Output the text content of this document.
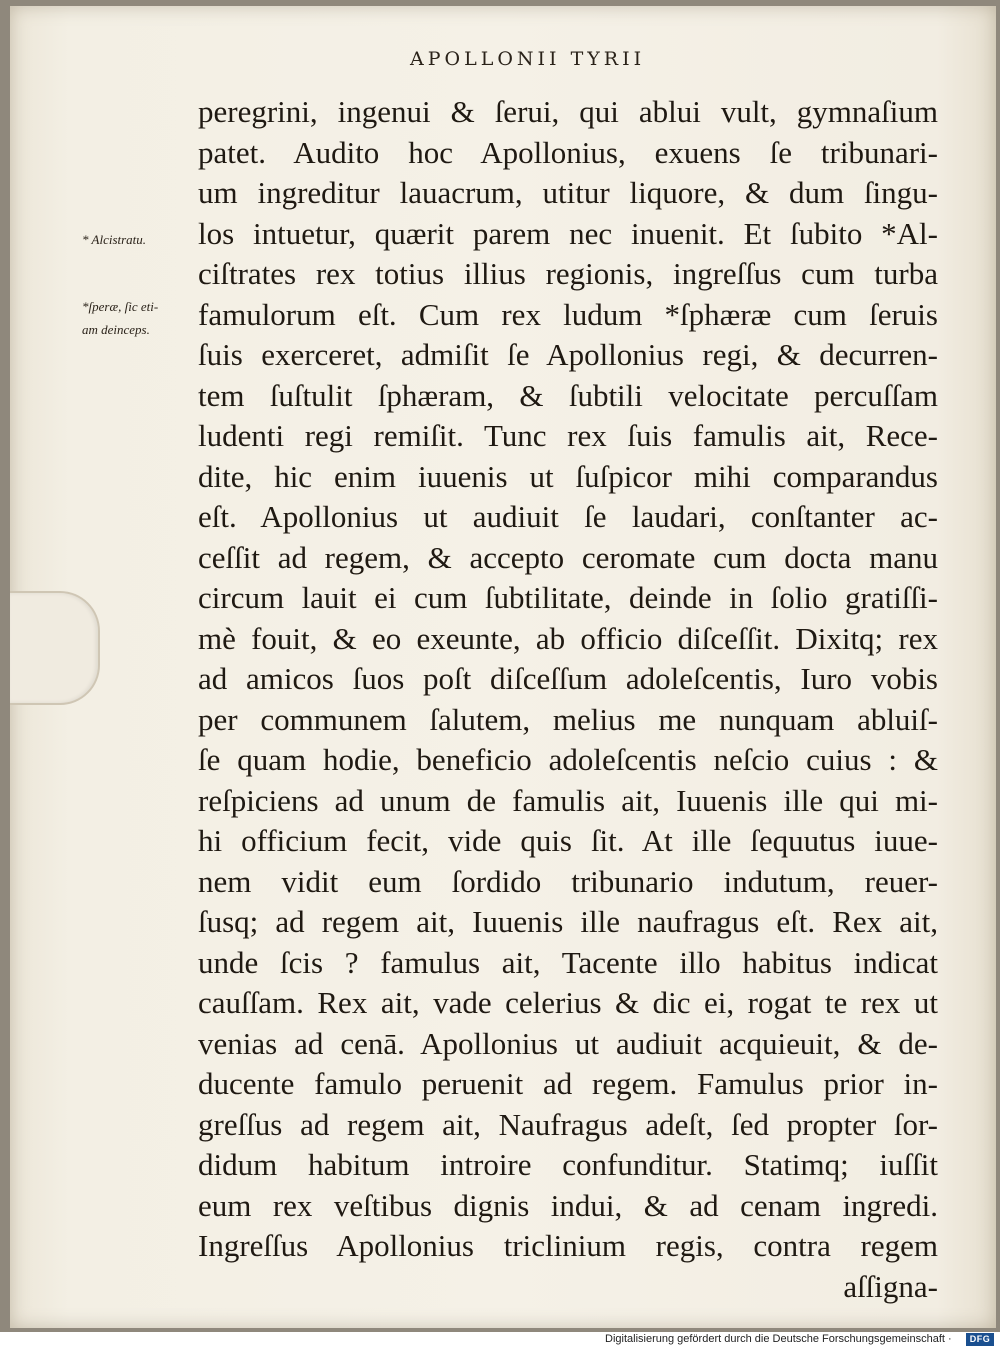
APOLLONII TYRII
* Alcistratu.
*ſperæ, ſic eti-
am deinceps.
peregrini, ingenui & ſerui, qui ablui vult, gymnaſium
patet. Audito hoc Apollonius, exuens ſe tribunari-
um ingreditur lauacrum, utitur liquore, & dum ſingu-
los intuetur, quærit parem nec inuenit. Et ſubito *Al-
ciſtrates rex totius illius regionis, ingreſſus cum turba
famulorum eſt. Cum rex ludum *ſphæræ cum ſeruis
ſuis exerceret, admiſit ſe Apollonius regi, & decurren-
tem ſuſtulit ſphæram, & ſubtili velocitate percuſſam
ludenti regi remiſit. Tunc rex ſuis famulis ait, Rece-
dite, hic enim iuuenis ut ſuſpicor mihi comparandus
eſt. Apollonius ut audiuit ſe laudari, conſtanter ac-
ceſſit ad regem, & accepto ceromate cum docta manu
circum lauit ei cum ſubtilitate, deinde in ſolio gratiſſi-
mè fouit, & eo exeunte, ab officio diſceſſit. Dixitq; rex
ad amicos ſuos poſt diſceſſum adoleſcentis, Iuro vobis
per communem ſalutem, melius me nunquam abluiſ-
ſe quam hodie, beneficio adoleſcentis neſcio cuius : &
reſpiciens ad unum de famulis ait, Iuuenis ille qui mi-
hi officium fecit, vide quis ſit. At ille ſequutus iuue-
nem vidit eum ſordido tribunario indutum, reuer-
ſusq; ad regem ait, Iuuenis ille naufragus eſt. Rex ait,
unde ſcis ? famulus ait, Tacente illo habitus indicat
cauſſam. Rex ait, vade celerius & dic ei, rogat te rex ut
venias ad cenā. Apollonius ut audiuit acquieuit, & de-
ducente famulo peruenit ad regem. Famulus prior in-
greſſus ad regem ait, Naufragus adeſt, ſed propter ſor-
didum habitum introire confunditur. Statimq; iuſſit
eum rex veſtibus dignis indui, & ad cenam ingredi.
Ingreſſus Apollonius triclinium regis, contra regem
aſſigna-
Digitalisierung gefördert durch die Deutsche Forschungsgemeinschaft ·	DFG
